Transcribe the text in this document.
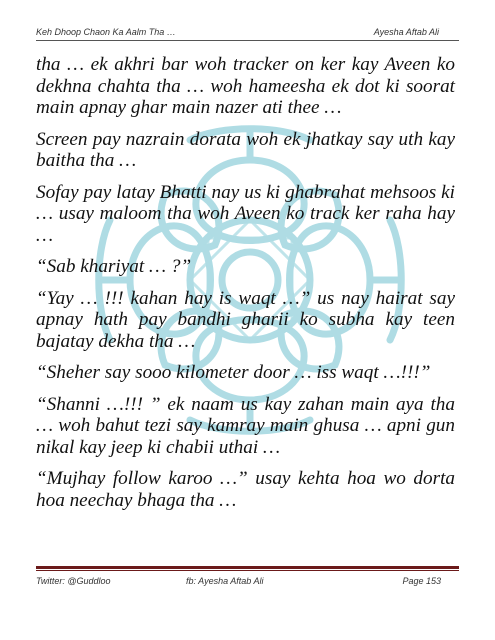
Keh Dhoop Chaon Ka Aalm Tha …	Ayesha Aftab Ali

tha … ek akhri bar woh tracker on ker kay Aveen ko dekhna chahta tha … woh hameesha ek dot ki soorat main apnay ghar main nazer ati thee …

Screen pay nazrain dorata woh ek jhatkay say uth kay baitha tha …

Sofay pay latay Bhatti nay us ki ghabrahat mehsoos ki … usay maloom tha woh Aveen ko track ker raha hay …

“Sab khariyat … ?”

“Yay … !!! kahan hay is waqt …” us nay hairat say apnay hath pay bandhi gharii ko subha kay teen bajatay dekha tha …

“Sheher say sooo kilometer door … iss waqt …!!!”

“Shanni …!!! ” ek naam us kay zahan main aya tha … woh bahut tezi say kamray main ghusa … apni gun nikal kay jeep ki chabii uthai …

“Mujhay follow karoo …” usay kehta hoa wo dorta hoa neechay bhaga tha …

Twitter: @Guddloo	fb: Ayesha Aftab Ali	Page 153
